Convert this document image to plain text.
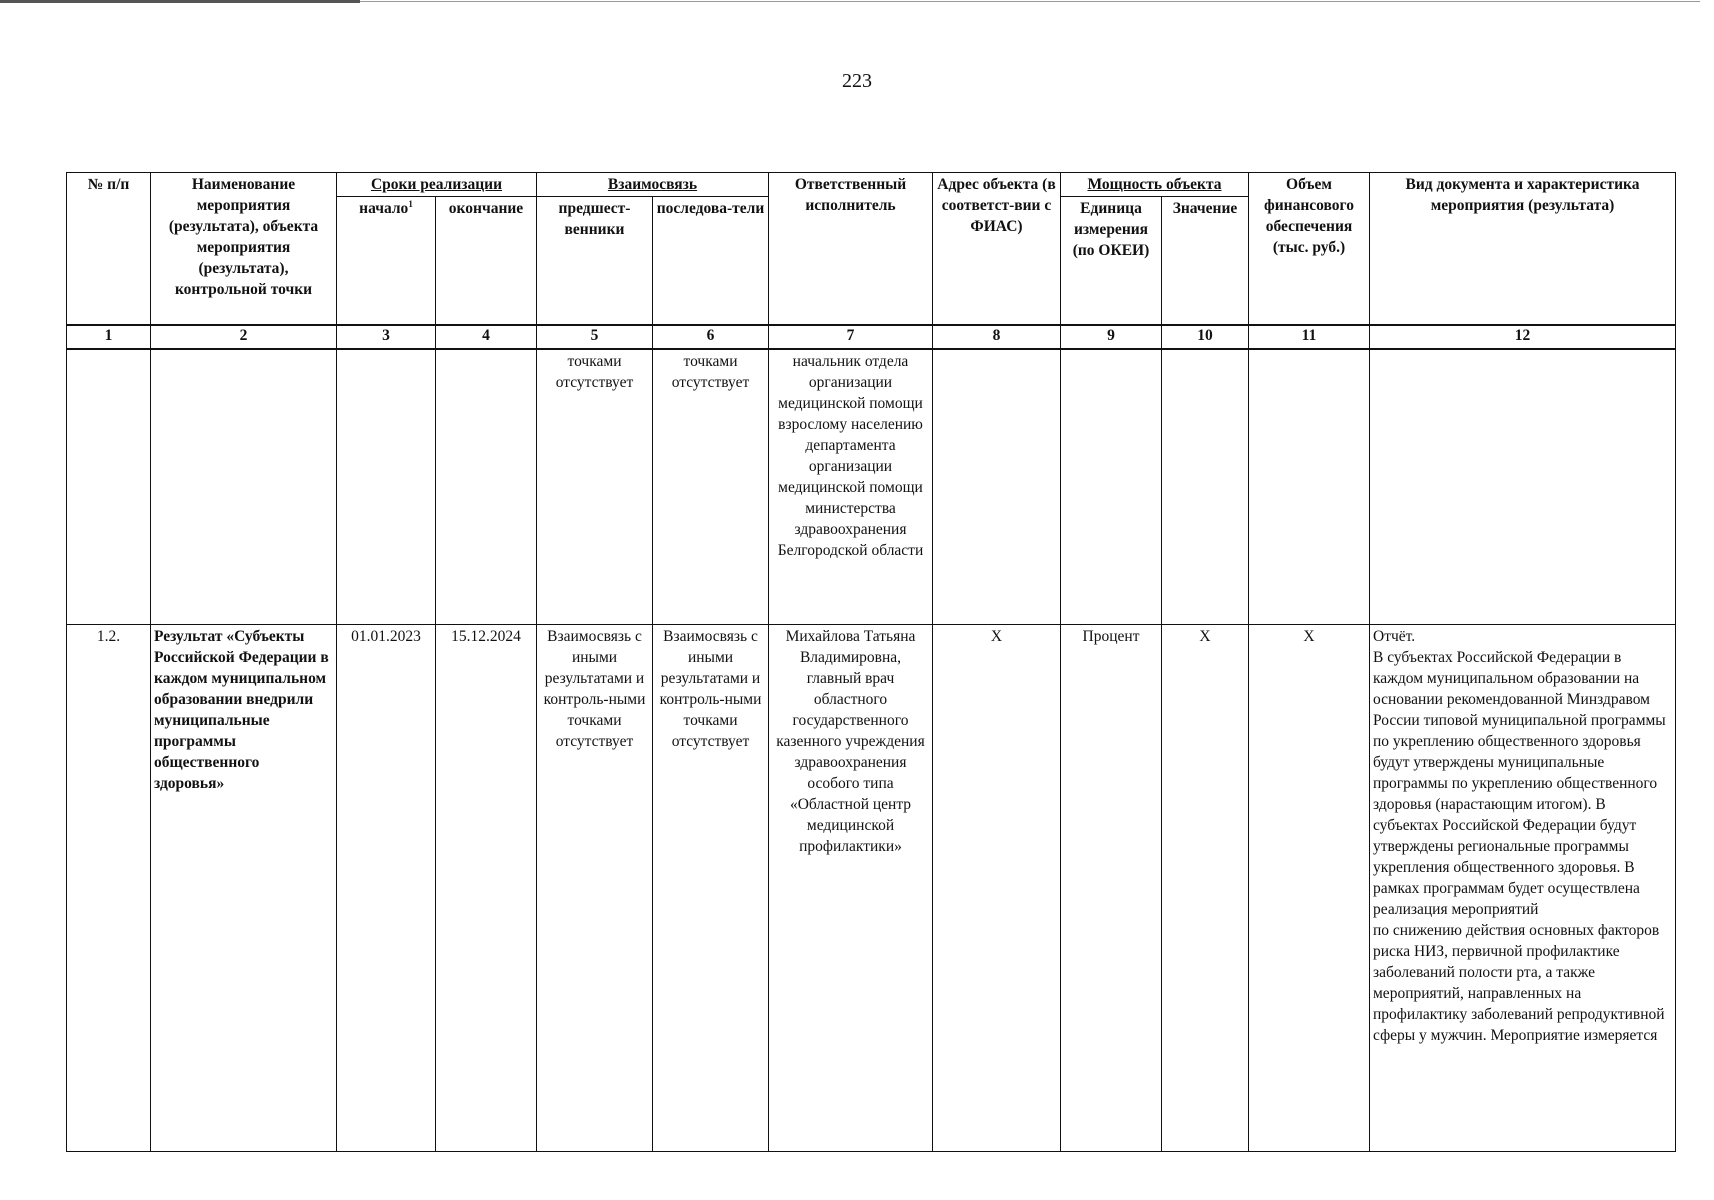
223
№ п/п	Наименование мероприятия (результата), объекта мероприятия (результата), контрольной точки	Сроки реализации		Взаимосвязь		Ответственный исполнитель	Адрес объекта (в соответст-вии с ФИАС)	Мощность объекта		Объем финансового обеспечения (тыс. руб.)	Вид документа и характеристика мероприятия (результата)
		начало$^1$	окончание	предшест-венники	последова-тели			Единица измерения (по ОКЕИ)	Значение		
1	2	3	4	5	6	7	8	9	10	11	12
				точками отсутствует	точками отсутствует	начальник отдела организации медицинской помощи взрослому населению департамента организации медицинской помощи министерства здравоохранения Белгородской области					
1.2.	Результат «Субъекты Российской Федерации в каждом муниципальном образовании внедрили муниципальные программы общественного здоровья»	01.01.2023	15.12.2024	Взаимосвязь с иными результатами и контроль-ными точками отсутствует	Взаимосвязь с иными результатами и контроль-ными точками отсутствует	Михайлова Татьяна Владимировна, главный врач областного государственного казенного учреждения здравоохранения особого типа «Областной центр медицинской профилактики»	Х	Процент	Х	Х	Отчёт.
В субъектах Российской Федерации в каждом муниципальном образовании на основании рекомендованной Минздравом России типовой муниципальной программы по укреплению общественного здоровья будут утверждены муниципальные программы по укреплению общественного здоровья (нарастающим итогом). В субъектах Российской Федерации будут утверждены региональные программы укрепления общественного здоровья. В рамках программам будет осуществлена реализация мероприятий
по снижению действия основных факторов риска НИЗ, первичной профилактике заболеваний полости рта, а также мероприятий, направленных на профилактику заболеваний репродуктивной сферы у мужчин. Мероприятие измеряется
